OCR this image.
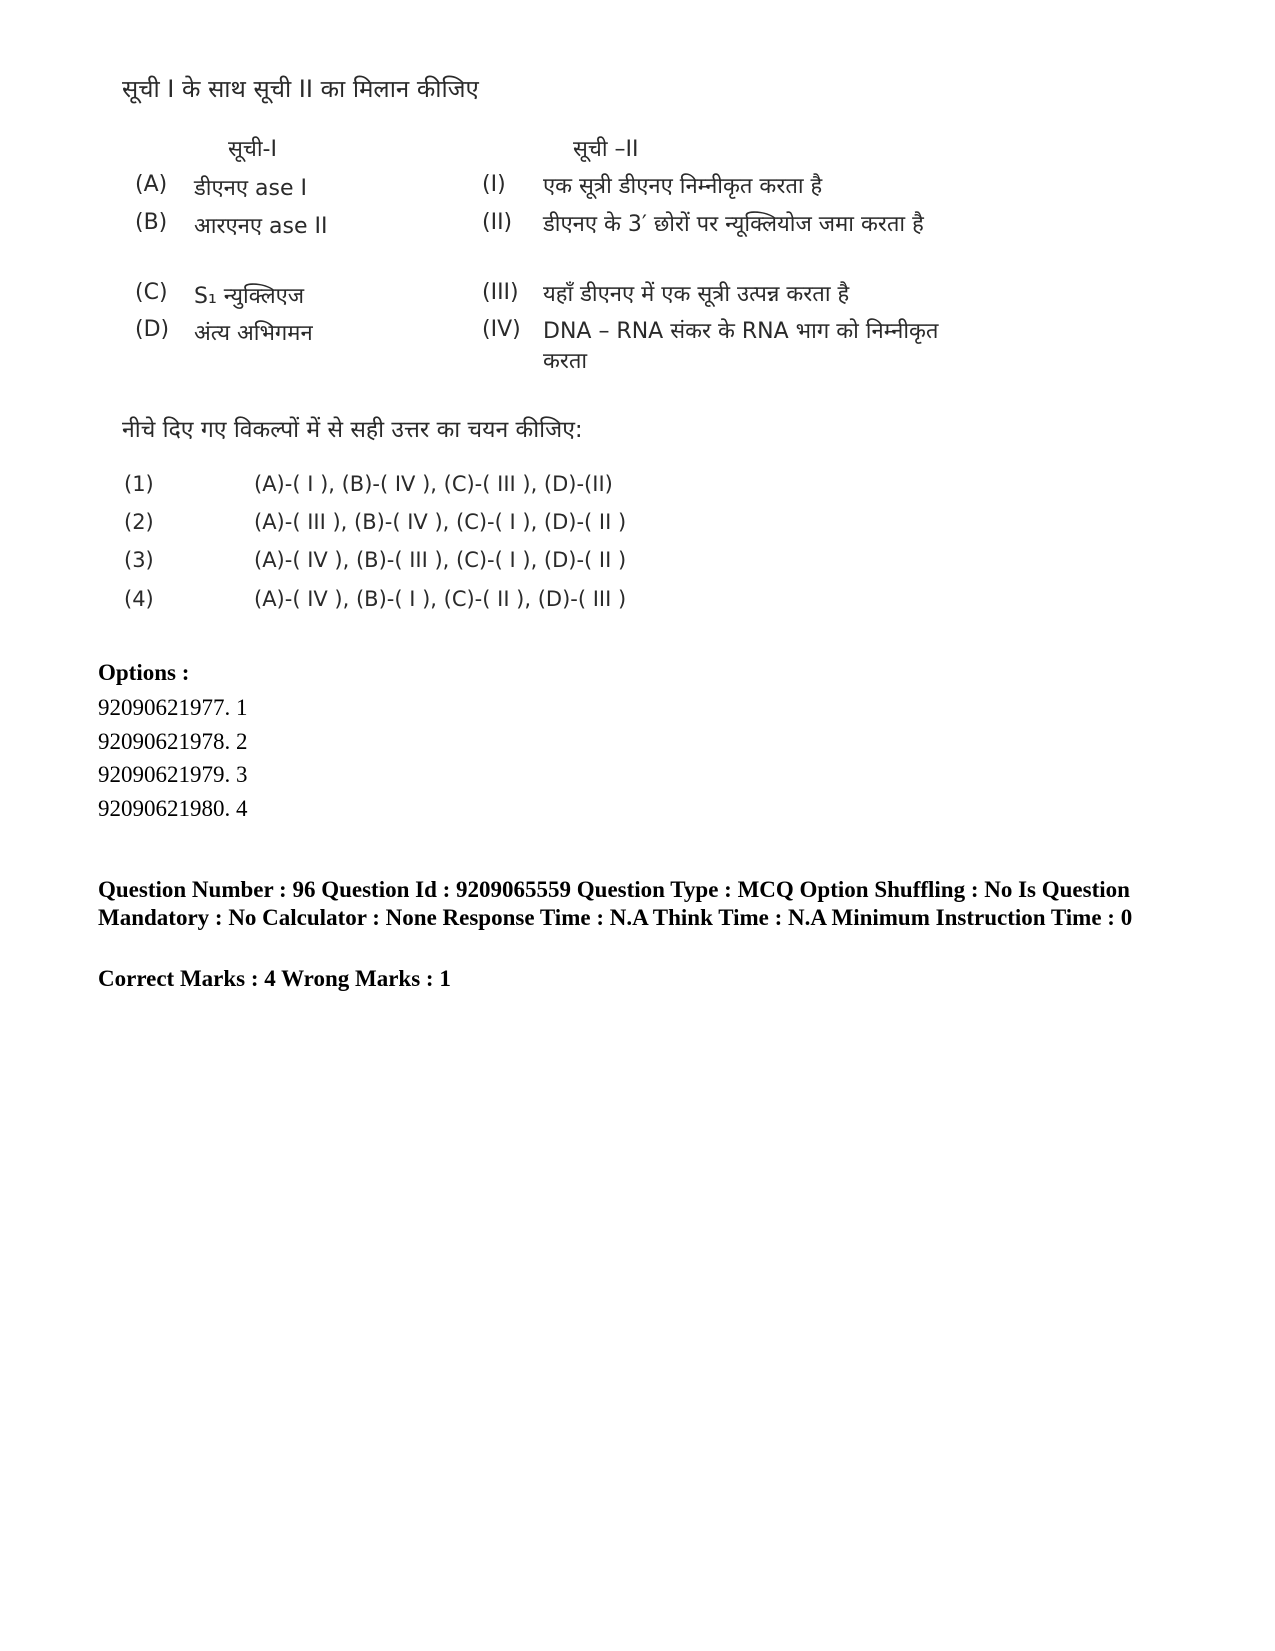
सूची I के साथ सूची II का मिलान कीजिए
सूची-I	सूची –II
(A) डीएनए ase I	(I) एक सूत्री डीएनए निम्नीकृत करता है
(B) आरएनए ase II	(II) डीएनए के 3′ छोरों पर न्यूक्लियोज जमा करता है
(C) S₁ न्युक्लिएज	(III) यहाँ डीएनए में एक सूत्री उत्पन्न करता है
(D) अंत्य अभिगमन	(IV) DNA – RNA संकर के RNA भाग को निम्नीकृत करता
नीचे दिए गए विकल्पों में से सही उत्तर का चयन कीजिए:
(1)	(A)-( I ), (B)-( IV ), (C)-( III ), (D)-(II)
(2)	(A)-( III ), (B)-( IV ), (C)-( I ), (D)-( II )
(3)	(A)-( IV ), (B)-( III ), (C)-( I ), (D)-( II )
(4)	(A)-( IV ), (B)-( I ), (C)-( II ), (D)-( III )
Options :
92090621977. 1
92090621978. 2
92090621979. 3
92090621980. 4
Question Number : 96 Question Id : 9209065559 Question Type : MCQ Option Shuffling : No Is Question Mandatory : No Calculator : None Response Time : N.A Think Time : N.A Minimum Instruction Time : 0
Correct Marks : 4 Wrong Marks : 1
